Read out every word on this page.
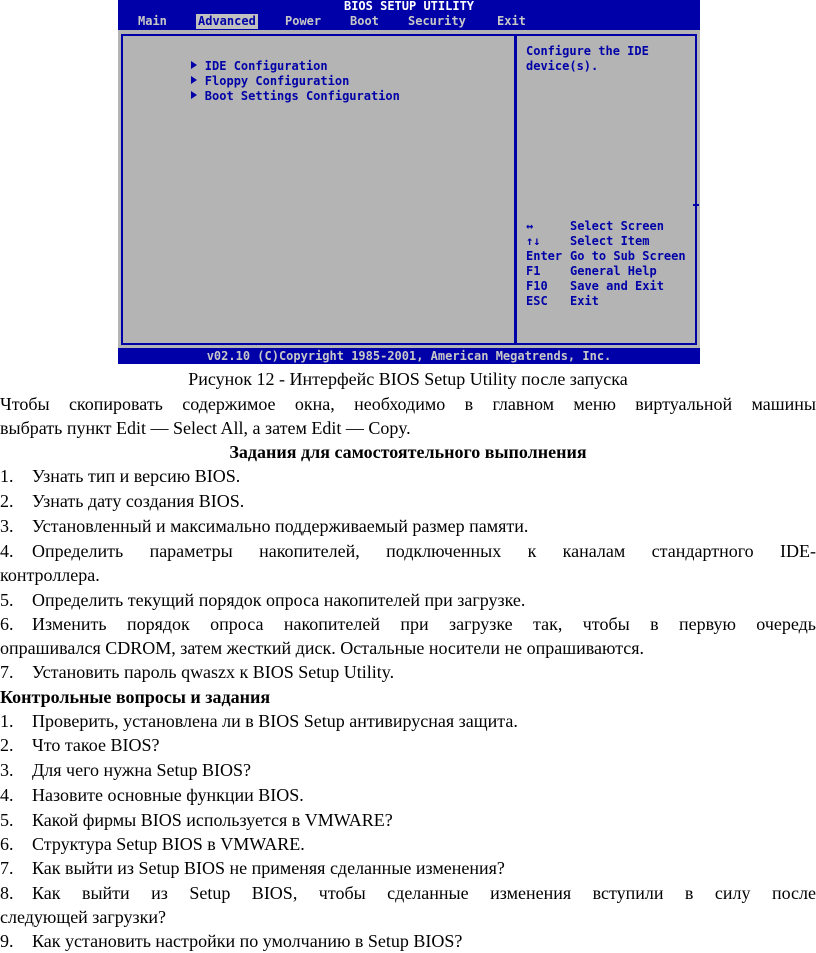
BIOS SETUP UTILITY
Main	Advanced Power Boot Security	Exit

IDE Configuration

Floppy Configuration

Boot Settings Configuration

Configure the IDE
device(s).
↔	Select Screen
↑↓ Select Item
Enter Go to Sub Screen
F1 General Help
F10 Save and Exit
ESC Exit
v02.10 (C)Copyright 1985-2001, American Megatrends, Inc.
Рисунок 12 - Интерфейс BIOS Setup Utility после запуска
Чтобы скопировать содержимое окна, необходимо в главном меню виртуальной машины
выбрать пункт Edit — Select All, а затем Edit — Copy.
Задания для самостоятельного выполнения
1. Узнать тип и версию BIOS.
2. Узнать дату создания BIOS.
3. Установленный и максимально поддерживаемый размер памяти.
4. Определить параметры накопителей, подключенных к каналам стандартного IDE-
контроллера.
5. Определить текущий порядок опроса накопителей при загрузке.
6. Изменить порядок опроса накопителей при загрузке так, чтобы в первую очередь
опрашивался CDROM, затем жесткий диск. Остальные носители не опрашиваются.
7. Установить пароль qwaszx к BIOS Setup Utility.
Контрольные вопросы и задания
1. Проверить, установлена ли в BIOS Setup антивирусная защита.
2. Что такое BIOS?
3. Для чего нужна Setup BIOS?
4. Назовите основные функции BIOS.
5. Какой фирмы BIOS используется в VMWARE?
6. Структура Setup BIOS в VMWARE.
7. Как выйти из Setup BIOS не применяя сделанные изменения?
8. Как выйти из Setup BIOS, чтобы сделанные изменения вступили в силу после
следующей загрузки?
9. Как установить настройки по умолчанию в Setup BIOS?
